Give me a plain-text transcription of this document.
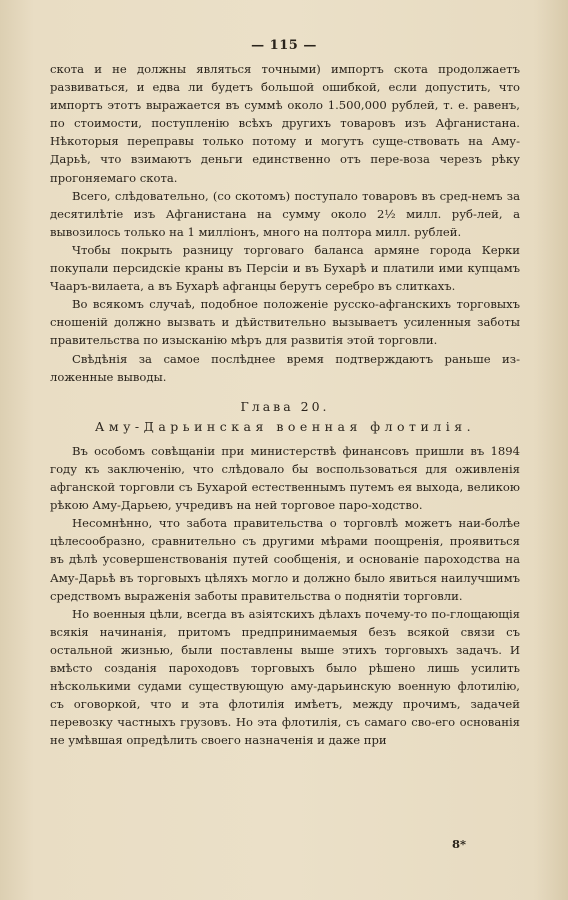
— 115 —

скота и не должны являться точными) импортъ скота продолжаетъ развиваться, и едва ли будетъ большой ошибкой, если допустить, что импортъ этотъ выражается въ суммѣ около 1.500,000 рублей, т. е. равенъ, по стоимости, поступленію всѣхъ другихъ товаровъ изъ Афганистана. Нѣкоторыя переправы только потому и могутъ суще-ствовать на Аму-Дарьѣ, что взимаютъ деньги единственно отъ пере-воза черезъ рѣку прогоняемаго скота.

Всего, слѣдовательно, (со скотомъ) поступало товаровъ въ сред-немъ за десятилѣтіе изъ Афганистана на сумму около 2½ милл. руб-лей, а вывозилось только на 1 милліонъ, много на полтора милл. рублей.

Чтобы покрыть разницу торговаго баланса армяне города Керки покупали персидскіе краны въ Персіи и въ Бухарѣ и платили ими купцамъ Чааръ-вилаета, а въ Бухарѣ афганцы берутъ серебро въ слиткахъ.

Во всякомъ случаѣ, подобное положеніе русско-афганскихъ торговыхъ сношеній должно вызвать и дѣйствительно вызываетъ усиленныя заботы правительства по изысканію мѣръ для развитія этой торговли.

Свѣдѣнія за самое послѣднее время подтверждаютъ раньше из-ложенные выводы.

Глава 20.
Аму-Дарьинская военная флотилія.

Въ особомъ совѣщаніи при министерствѣ финансовъ пришли въ 1894 году къ заключенію, что слѣдовало бы воспользоваться для оживленія афганской торговли съ Бухарой естественнымъ путемъ ея выхода, великою рѣкою Аму-Дарьею, учредивъ на ней торговое паро-ходство.

Несомнѣнно, что забота правительства о торговлѣ можетъ наи-болѣе цѣлесообразно, сравнительно съ другими мѣрами поощренія, проявиться въ дѣлѣ усовершенствованія путей сообщенія, и основаніе пароходства на Аму-Дарьѣ въ торговыхъ цѣляхъ могло и должно было явиться наилучшимъ средствомъ выраженія заботы правительства о поднятіи торговли.

Но военныя цѣли, всегда въ азіятскихъ дѣлахъ почему-то по-глощающія всякія начинанія, притомъ предпринимаемыя безъ всякой связи съ остальной жизнью, были поставлены выше этихъ торговыхъ задачъ. И вмѣсто созданія пароходовъ торговыхъ было рѣшено лишь усилить нѣсколькими судами существующую аму-дарьинскую военную флотилію, съ оговоркой, что и эта флотилія имѣетъ, между прочимъ, задачей перевозку частныхъ грузовъ. Но эта флотилія, съ самаго сво-его основанія не умѣвшая опредѣлить своего назначенія и даже при

8*
